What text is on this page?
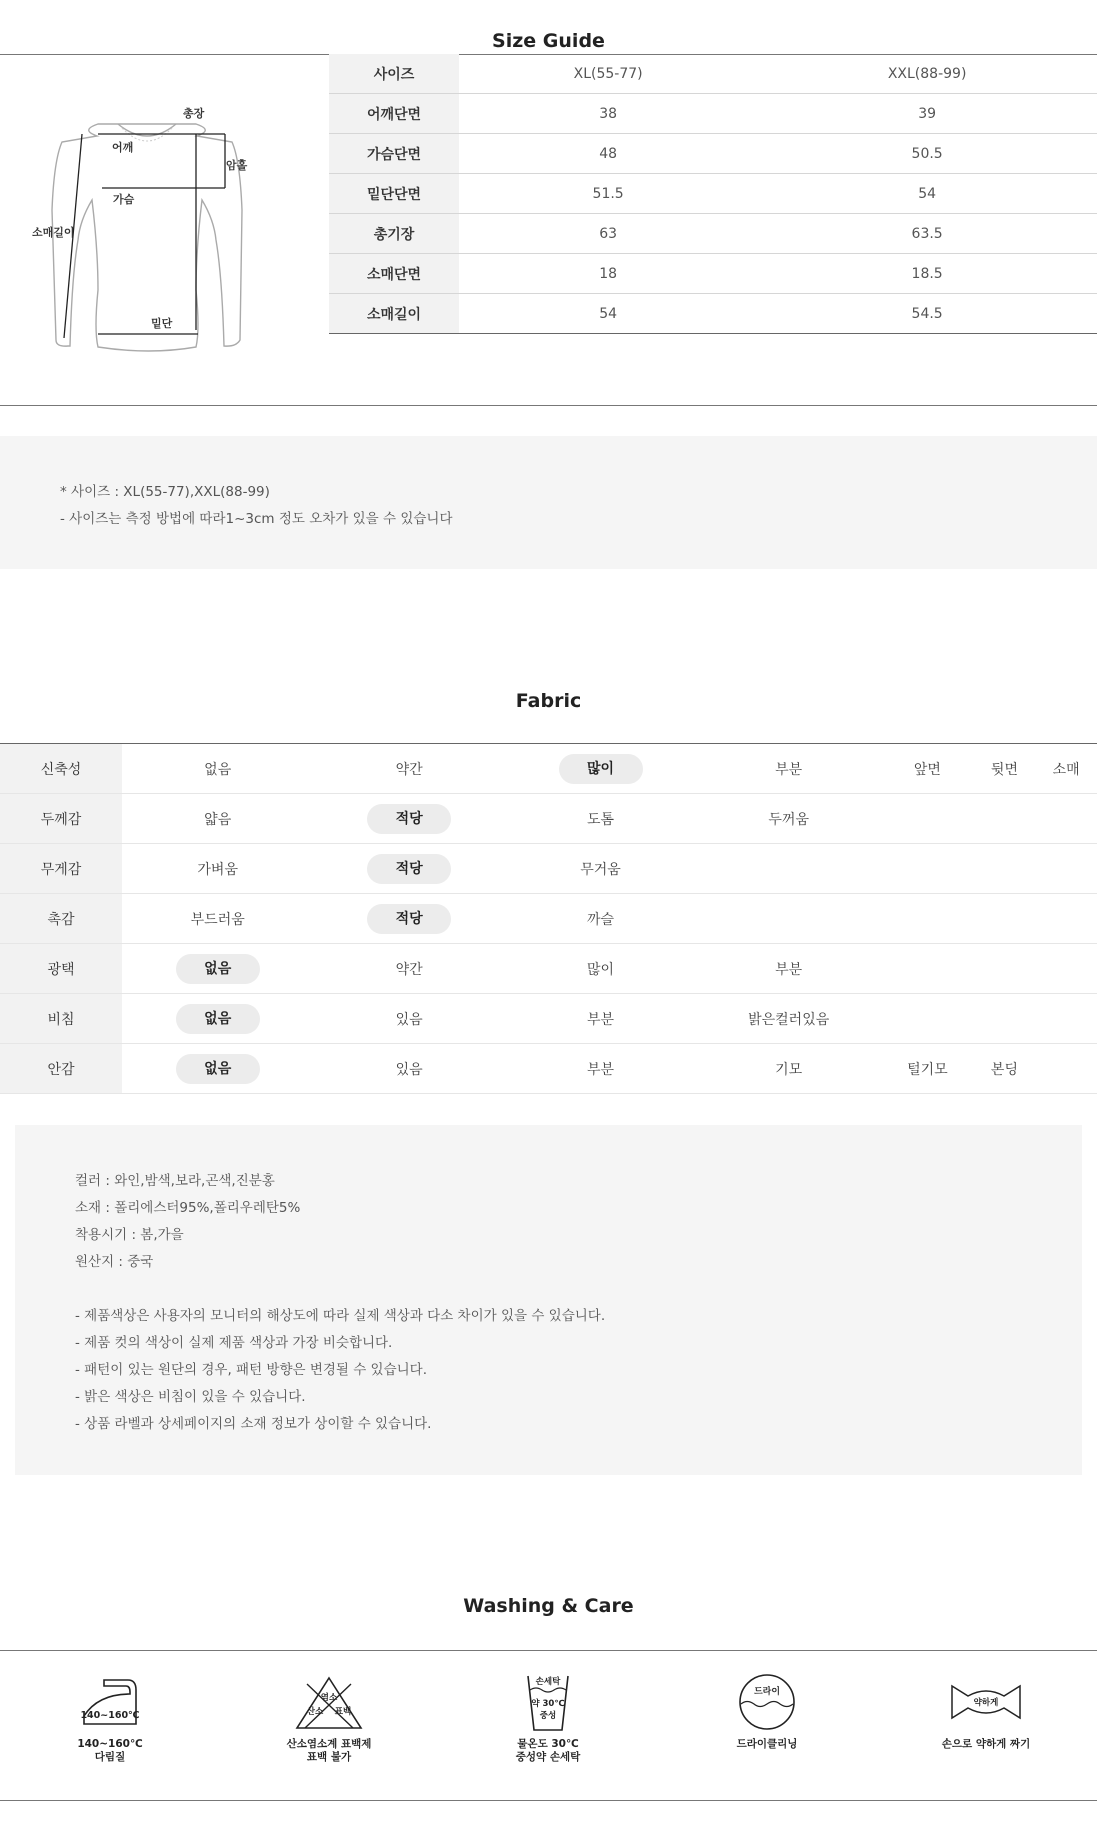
Size Guide
총장
어깨
암홀
가슴
소매길이
밑단
사이즈	XL(55-77)	XXL(88-99)
어깨단면	38	39
가슴단면	48	50.5
밑단단면	51.5	54
총기장	63	63.5
소매단면	18	18.5
소매길이	54	54.5
* 사이즈 : XL(55-77),XXL(88-99)
- 사이즈는 측정 방법에 따라1~3cm 정도 오차가 있을 수 있습니다
Fabric
신축성	없음	약간	많이	부분	앞면	뒷면	소매
두께감	얇음	적당	도톰	두꺼움			
무게감	가벼움	적당	무거움				
촉감	부드러움	적당	까슬				
광택	없음	약간	많이	부분			
비침	없음	있음	부분	밝은컬러있음			
안감	없음	있음	부분	기모	털기모	본딩	
컬러 : 와인,밤색,보라,곤색,진분홍
소재 : 폴리에스터95%,폴리우레탄5%
착용시기 : 봄,가을
원산지 : 중국
- 제품색상은 사용자의 모니터의 해상도에 따라 실제 색상과 다소 차이가 있을 수 있습니다.
- 제품 컷의 색상이 실제 제품 색상과 가장 비슷합니다.
- 패턴이 있는 원단의 경우, 패턴 방향은 변경될 수 있습니다.
- 밝은 색상은 비침이 있을 수 있습니다.
- 상품 라벨과 상세페이지의 소재 정보가 상이할 수 있습니다.
Washing & Care
140~160℃
140~160℃
다림질
염소
산소 표백
산소염소계 표백제
표백 불가
손세탁
약 30℃
중성
물온도 30℃
중성약 손세탁
드라이
드라이클리닝
약하게
손으로 약하게 짜기
